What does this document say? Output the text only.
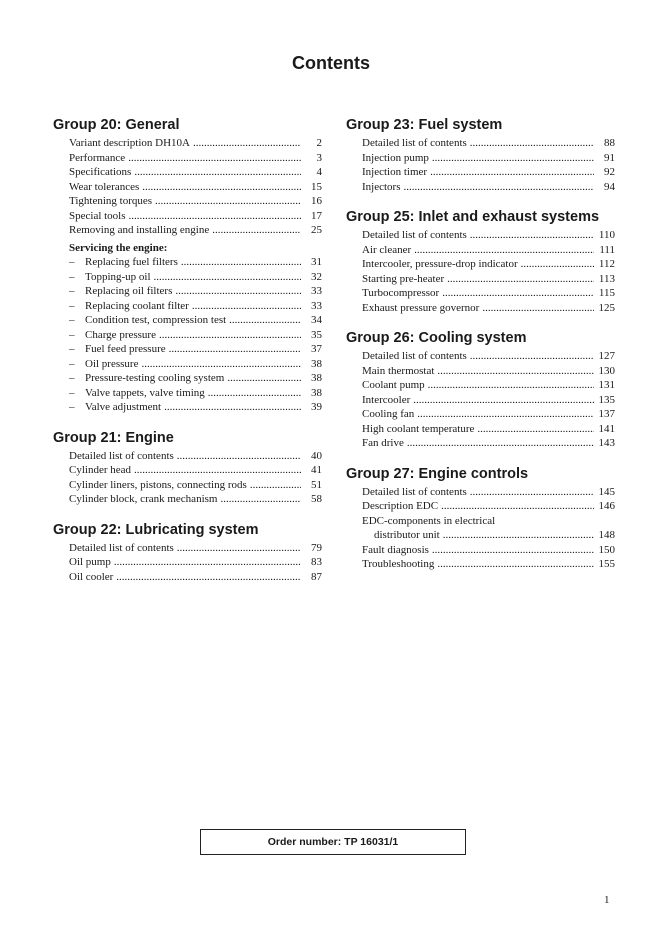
Contents
Group 20: General
Variant description DH10A .....	2
Performance .....	3
Specifications .....	4
Wear tolerances .....	15
Tightening torques .....	16
Special tools .....	17
Removing and installing engine .....	25
Servicing the engine:
– Replacing fuel filters .....	31
– Topping-up oil .....	32
– Replacing oil filters .....	33
– Replacing coolant filter .....	33
– Condition test, compression test .....	34
– Charge pressure .....	35
– Fuel feed pressure .....	37
– Oil pressure .....	38
– Pressure-testing cooling system .....	38
– Valve tappets, valve timing .....	38
– Valve adjustment .....	39
Group 21: Engine
Detailed list of contents .....	40
Cylinder head .....	41
Cylinder liners, pistons, connecting rods .....	51
Cylinder block, crank mechanism .....	58
Group 22: Lubricating system
Detailed list of contents .....	79
Oil pump .....	83
Oil cooler .....	87
Group 23: Fuel system
Detailed list of contents .....	88
Injection pump .....	91
Injection timer .....	92
Injectors .....	94
Group 25: Inlet and exhaust systems
Detailed list of contents .....	110
Air cleaner .....	111
Intercooler, pressure-drop indicator .....	112
Starting pre-heater .....	113
Turbocompressor .....	115
Exhaust pressure governor .....	125
Group 26: Cooling system
Detailed list of contents .....	127
Main thermostat .....	130
Coolant pump .....	131
Intercooler .....	135
Cooling fan .....	137
High coolant temperature .....	141
Fan drive .....	143
Group 27: Engine controls
Detailed list of contents .....	145
Description EDC .....	146
EDC-components in electrical
distributor unit .....	148
Fault diagnosis .....	150
Troubleshooting .....	155
Order number: TP 16031/1
1
